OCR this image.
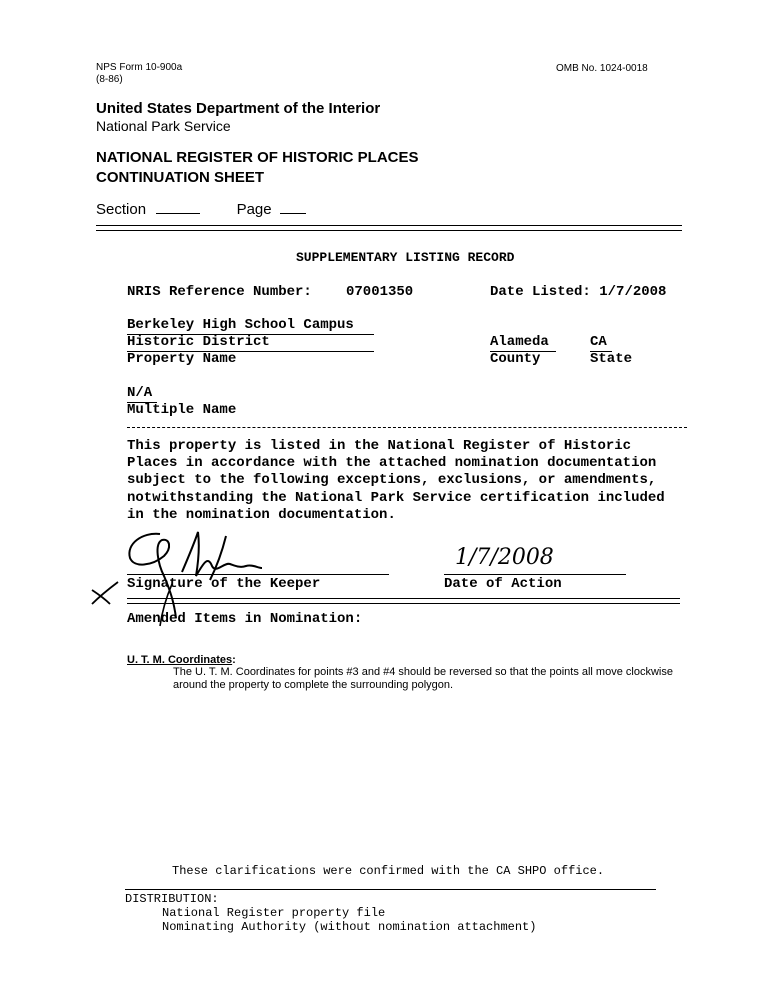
NPS Form 10-900a
(8-86)
OMB No. 1024-0018
United States Department of the Interior
National Park Service
NATIONAL REGISTER OF HISTORIC PLACES
CONTINUATION SHEET
Section	Page
SUPPLEMENTARY LISTING RECORD
NRIS Reference Number: 07001350	Date Listed: 1/7/2008
Berkeley High School Campus
Historic District
Property Name
Alameda
County
CA
State
N/A
Multiple Name
This property is listed in the National Register of Historic
Places in accordance with the attached nomination documentation
subject to the following exceptions, exclusions, or amendments,
notwithstanding the National Park Service certification included
in the nomination documentation.
Signature of the Keeper
1/7/2008
Date of Action
Amended Items in Nomination:
U. T. M. Coordinates:
The U. T. M. Coordinates for points #3 and #4 should be reversed so that the points all move clockwise
around the property to complete the surrounding polygon.
These clarifications were confirmed with the CA SHPO office.
DISTRIBUTION:
National Register property file
Nominating Authority (without nomination attachment)
